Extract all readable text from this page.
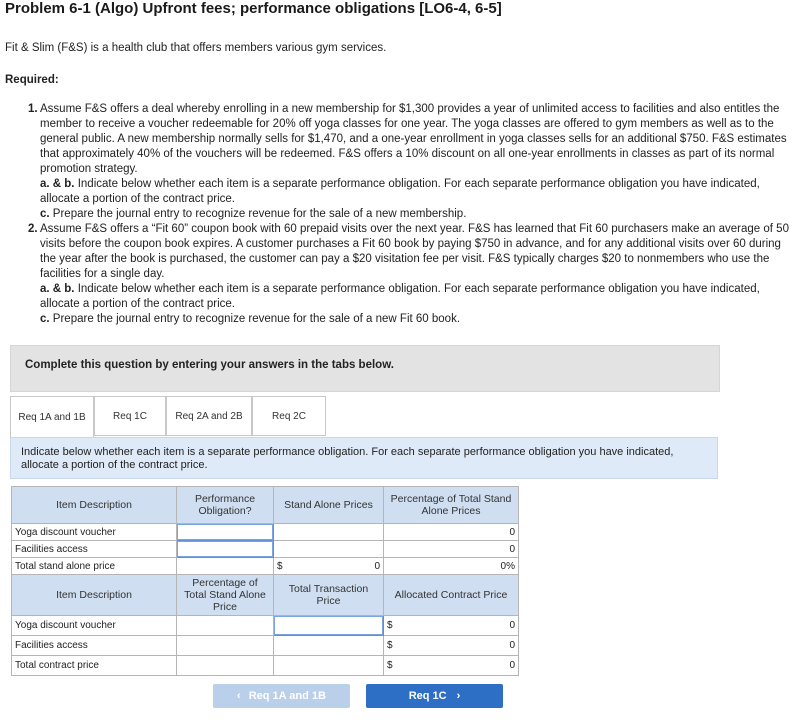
Problem 6-1 (Algo) Upfront fees; performance obligations [LO6-4, 6-5]
Fit & Slim (F&S) is a health club that offers members various gym services.
Required:
1. Assume F&S offers a deal whereby enrolling in a new membership for $1,300 provides a year of unlimited access to facilities and also entitles the member to receive a voucher redeemable for 20% off yoga classes for one year. The yoga classes are offered to gym members as well as to the general public. A new membership normally sells for $1,470, and a one-year enrollment in yoga classes sells for an additional $750. F&S estimates that approximately 40% of the vouchers will be redeemed. F&S offers a 10% discount on all one-year enrollments in classes as part of its normal promotion strategy.

a. & b. Indicate below whether each item is a separate performance obligation. For each separate performance obligation you have indicated, allocate a portion of the contract price.

c. Prepare the journal entry to recognize revenue for the sale of a new membership.

2. Assume F&S offers a “Fit 60” coupon book with 60 prepaid visits over the next year. F&S has learned that Fit 60 purchasers make an average of 50 visits before the coupon book expires. A customer purchases a Fit 60 book by paying $750 in advance, and for any additional visits over 60 during the year after the book is purchased, the customer can pay a $20 visitation fee per visit. F&S typically charges $20 to nonmembers who use the facilities for a single day.

a. & b. Indicate below whether each item is a separate performance obligation. For each separate performance obligation you have indicated, allocate a portion of the contract price.

c. Prepare the journal entry to recognize revenue for the sale of a new Fit 60 book.

Complete this question by entering your answers in the tabs below.
Req 1A and 1B	Req 1C	Req 2A and 2B	Req 2C
Indicate below whether each item is a separate performance obligation. For each separate performance obligation you have indicated, allocate a portion of the contract price.
Item Description	Performance Obligation?	Stand Alone Prices	Percentage of Total Stand Alone Prices
Yoga discount voucher			0
Facilities access			0
Total stand alone price		$ 0	0%
Item Description	Percentage of Total Stand Alone Price	Total Transaction Price	Allocated Contract Price
Yoga discount voucher			$ 0

Facilities access			$ 0

Total contract price			$ 0
‹ Req 1A and 1B	Req 1C ›
